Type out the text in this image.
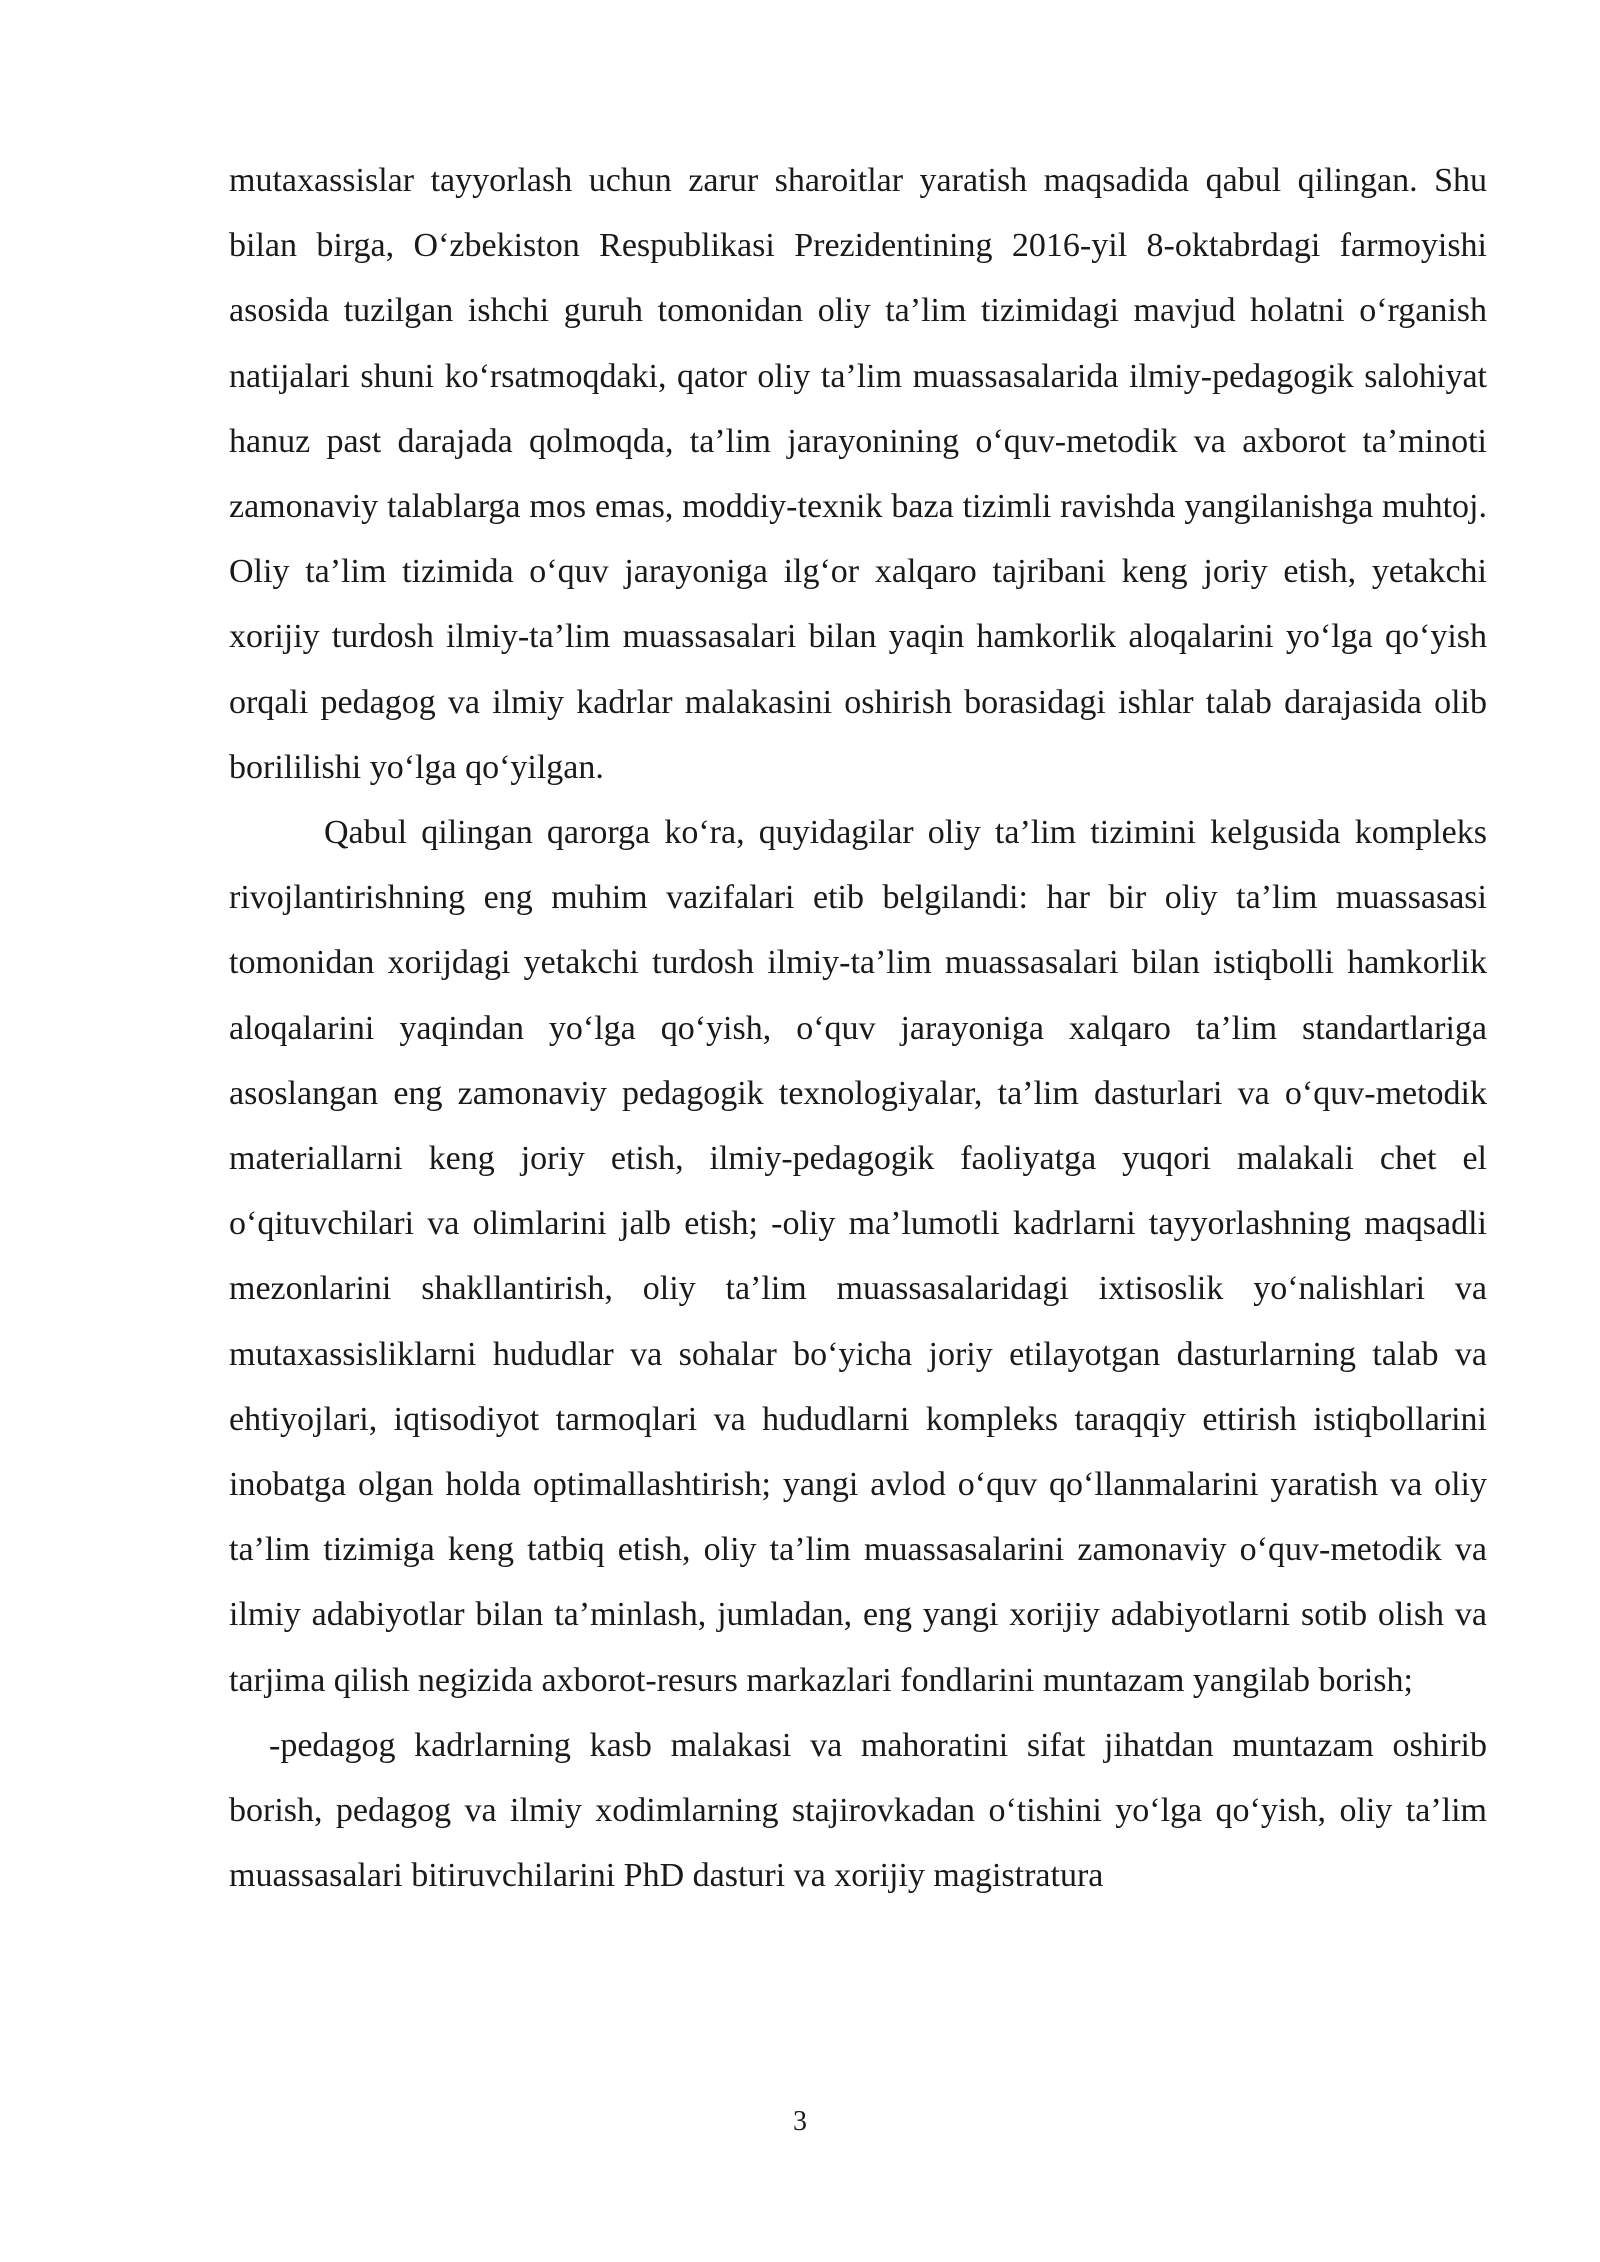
mutaxassislar tayyorlash uchun zarur sharoitlar yaratish maqsadida qabul qilingan. Shu bilan birga, O‘zbekiston Respublikasi Prezidentining 2016-yil 8-oktabrdagi farmoyishi asosida tuzilgan ishchi guruh tomonidan oliy ta’lim tizimidagi mavjud holatni o‘rganish natijalari shuni ko‘rsatmoqdaki, qator oliy ta’lim muassasalarida ilmiy-pedagogik salohiyat hanuz past darajada qolmoqda, ta’lim jarayonining o‘quv-metodik va axborot ta’minoti zamonaviy talablarga mos emas, moddiy-texnik baza tizimli ravishda yangilanishga muhtoj. Oliy ta’lim tizimida o‘quv jarayoniga ilg‘or xalqaro tajribani keng joriy etish, yetakchi xorijiy turdosh ilmiy-ta’lim muassasalari bilan yaqin hamkorlik aloqalarini yo‘lga qo‘yish orqali pedagog va ilmiy kadrlar malakasini oshirish borasidagi ishlar talab darajasida olib borililishi yo‘lga qo‘yilgan.

Qabul qilingan qarorga ko‘ra, quyidagilar oliy ta’lim tizimini kelgusida kompleks rivojlantirishning eng muhim vazifalari etib belgilandi: har bir oliy ta’lim muassasasi tomonidan xorijdagi yetakchi turdosh ilmiy-ta’lim muassasalari bilan istiqbolli hamkorlik aloqalarini yaqindan yo‘lga qo‘yish, o‘quv jarayoniga xalqaro ta’lim standartlariga asoslangan eng zamonaviy pedagogik texnologiyalar, ta’lim dasturlari va o‘quv-metodik materiallarni keng joriy etish, ilmiy-pedagogik faoliyatga yuqori malakali chet el o‘qituvchilari va olimlarini jalb etish; -oliy ma’lumotli kadrlarni tayyorlashning maqsadli mezonlarini shakllantirish, oliy ta’lim muassasalaridagi ixtisoslik yo‘nalishlari va mutaxassisliklarni hududlar va sohalar bo‘yicha joriy etilayotgan dasturlarning talab va ehtiyojlari, iqtisodiyot tarmoqlari va hududlarni kompleks taraqqiy ettirish istiqbollarini inobatga olgan holda optimallashtirish; yangi avlod o‘quv qo‘llanmalarini yaratish va oliy ta’lim tizimiga keng tatbiq etish, oliy ta’lim muassasalarini zamonaviy o‘quv-metodik va ilmiy adabiyotlar bilan ta’minlash, jumladan, eng yangi xorijiy adabiyotlarni sotib olish va tarjima qilish negizida axborot-resurs markazlari fondlarini muntazam yangilab borish;

-pedagog kadrlarning kasb malakasi va mahoratini sifat jihatdan muntazam oshirib borish, pedagog va ilmiy xodimlarning stajirovkadan o‘tishini yo‘lga qo‘yish, oliy ta’lim muassasalari bitiruvchilarini PhD dasturi va xorijiy magistratura

3
